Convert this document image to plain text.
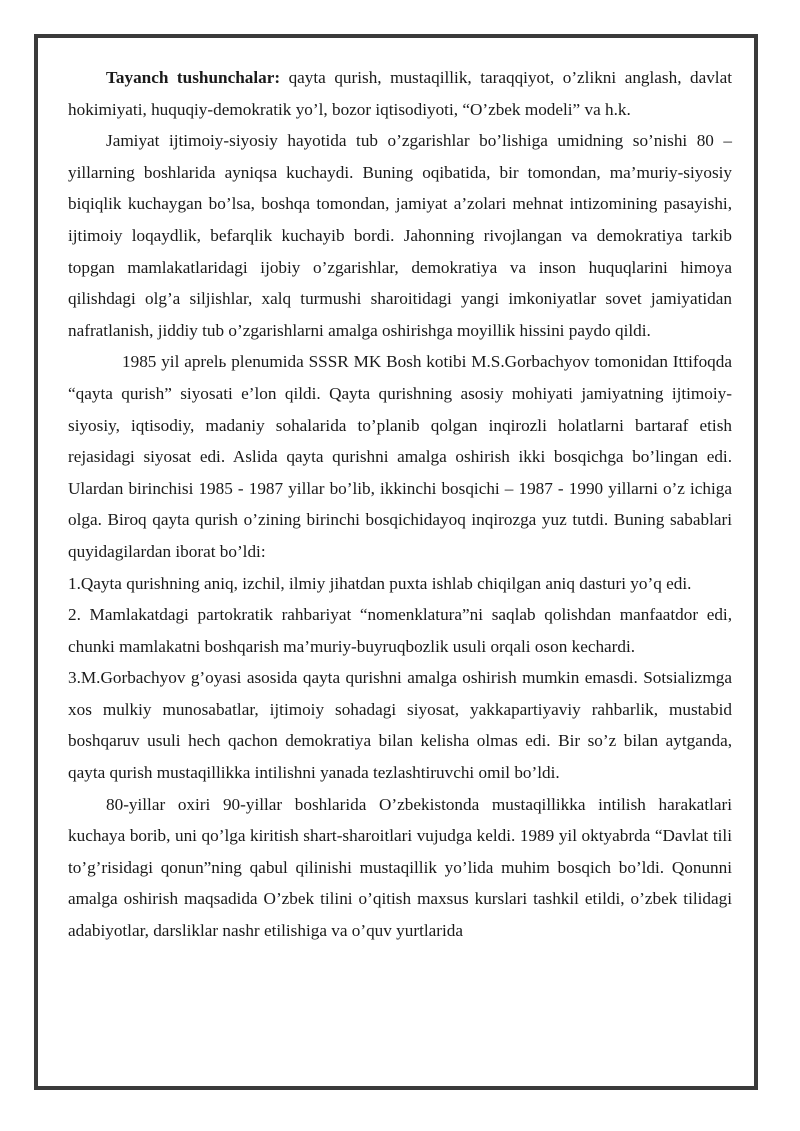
Tayanch tushunchalar: qayta qurish, mustaqillik, taraqqiyot, o’zlikni anglash, davlat hokimiyati, huquqiy-demokratik yo’l, bozor iqtisodiyoti, “O’zbek modeli” va h.k.

Jamiyat ijtimoiy-siyosiy hayotida tub o’zgarishlar bo’lishiga umidning so’nishi 80 – yillarning boshlarida ayniqsa kuchaydi. Buning oqibatida, bir tomondan, ma’muriy-siyosiy biqiqlik kuchaygan bo’lsa, boshqa tomondan, jamiyat a’zolari mehnat intizomining pasayishi, ijtimoiy loqaydlik, befarqlik kuchayib bordi. Jahonning rivojlangan va demokratiya tarkib topgan mamlakatlaridagi ijobiy o’zgarishlar, demokratiya va inson huquqlarini himoya qilishdagi olg’a siljishlar, xalq turmushi sharoitidagi yangi imkoniyatlar sovet jamiyatidan nafratlanish, jiddiy tub o’zgarishlarni amalga oshirishga moyillik hissini paydo qildi.

1985 yil aprelь plenumida SSSR MK Bosh kotibi M.S.Gorbachyov tomonidan Ittifoqda “qayta qurish” siyosati e’lon qildi. Qayta qurishning asosiy mohiyati jamiyatning ijtimoiy-siyosiy, iqtisodiy, madaniy sohalarida to’planib qolgan inqirozli holatlarni bartaraf etish rejasidagi siyosat edi. Aslida qayta qurishni amalga oshirish ikki bosqichga bo’lingan edi. Ulardan birinchisi 1985 - 1987 yillar bo’lib, ikkinchi bosqichi – 1987 - 1990 yillarni o’z ichiga olga. Biroq qayta qurish o’zining birinchi bosqichidayoq inqirozga yuz tutdi. Buning sabablari quyidagilardan iborat bo’ldi:

1.Qayta qurishning aniq, izchil, ilmiy jihatdan puxta ishlab chiqilgan aniq dasturi yo’q edi.

2. Mamlakatdagi partokratik rahbariyat “nomenklatura”ni saqlab qolishdan manfaatdor edi, chunki mamlakatni boshqarish ma’muriy-buyruqbozlik usuli orqali oson kechardi.

3.M.Gorbachyov g’oyasi asosida qayta qurishni amalga oshirish mumkin emasdi. Sotsializmga xos mulkiy munosabatlar, ijtimoiy sohadagi siyosat, yakkapartiyaviy rahbarlik, mustabid boshqaruv usuli hech qachon demokratiya bilan kelisha olmas edi. Bir so’z bilan aytganda, qayta qurish mustaqillikka intilishni yanada tezlashtiruvchi omil bo’ldi.

80-yillar oxiri 90-yillar boshlarida O’zbekistonda mustaqillikka intilish harakatlari kuchaya borib, uni qo’lga kiritish shart-sharoitlari vujudga keldi. 1989 yil oktyabrda “Davlat tili to’g’risidagi qonun”ning qabul qilinishi mustaqillik yo’lida muhim bosqich bo’ldi. Qonunni amalga oshirish maqsadida O’zbek tilini o’qitish maxsus kurslari tashkil etildi, o’zbek tilidagi adabiyotlar, darsliklar nashr etilishiga va o’quv yurtlarida
